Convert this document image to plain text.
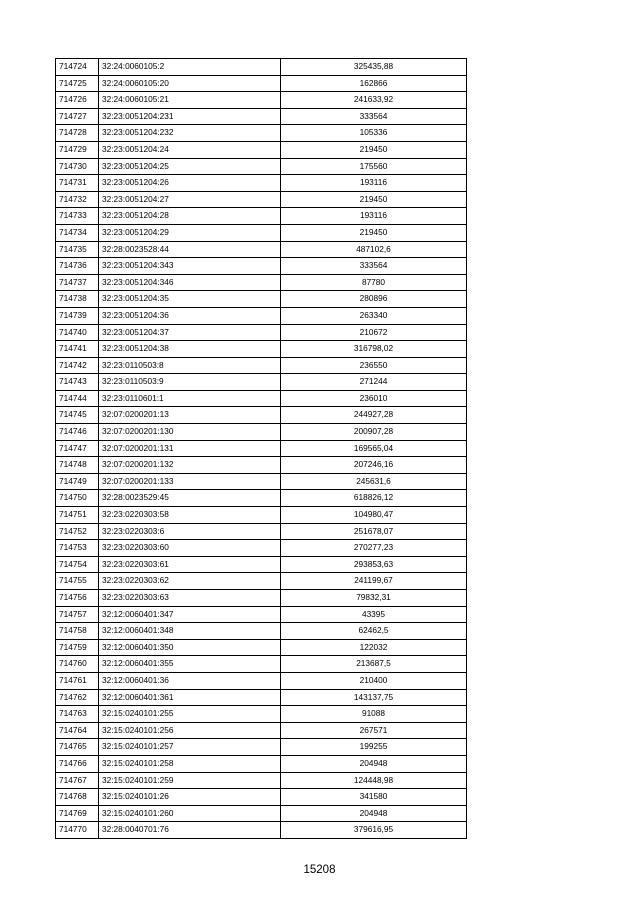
714724	32:24:0060105:2	325435,88
714725	32:24:0060105:20	162866
714726	32:24:0060105:21	241633,92
714727	32:23:0051204:231	333564
714728	32:23:0051204:232	105336
714729	32:23:0051204:24	219450
714730	32:23:0051204:25	175560
714731	32:23:0051204:26	193116
714732	32:23:0051204:27	219450
714733	32:23:0051204:28	193116
714734	32:23:0051204:29	219450
714735	32:28:0023528:44	487102,6
714736	32:23:0051204:343	333564
714737	32:23:0051204:346	87780
714738	32:23:0051204:35	280896
714739	32:23:0051204:36	263340
714740	32:23:0051204:37	210672
714741	32:23:0051204:38	316798,02
714742	32:23:0110503:8	236550
714743	32:23:0110503:9	271244
714744	32:23:0110601:1	236010
714745	32:07:0200201:13	244927,28
714746	32:07:0200201:130	200907,28
714747	32:07:0200201:131	169565,04
714748	32:07:0200201:132	207246,16
714749	32:07:0200201:133	245631,6
714750	32:28:0023529:45	618826,12
714751	32:23:0220303:58	104980,47
714752	32:23:0220303:6	251678,07
714753	32:23:0220303:60	270277,23
714754	32:23:0220303:61	293853,63
714755	32:23:0220303:62	241199,67
714756	32:23:0220303:63	79832,31
714757	32:12:0060401:347	43395
714758	32:12:0060401:348	62462,5
714759	32:12:0060401:350	122032
714760	32:12:0060401:355	213687,5
714761	32:12:0060401:36	210400
714762	32:12:0060401:361	143137,75
714763	32:15:0240101:255	91088
714764	32:15:0240101:256	267571
714765	32:15:0240101:257	199255
714766	32:15:0240101:258	204948
714767	32:15:0240101:259	124448,98
714768	32:15:0240101:26	341580
714769	32:15:0240101:260	204948
714770	32:28:0040701:76	379616,95
15208
